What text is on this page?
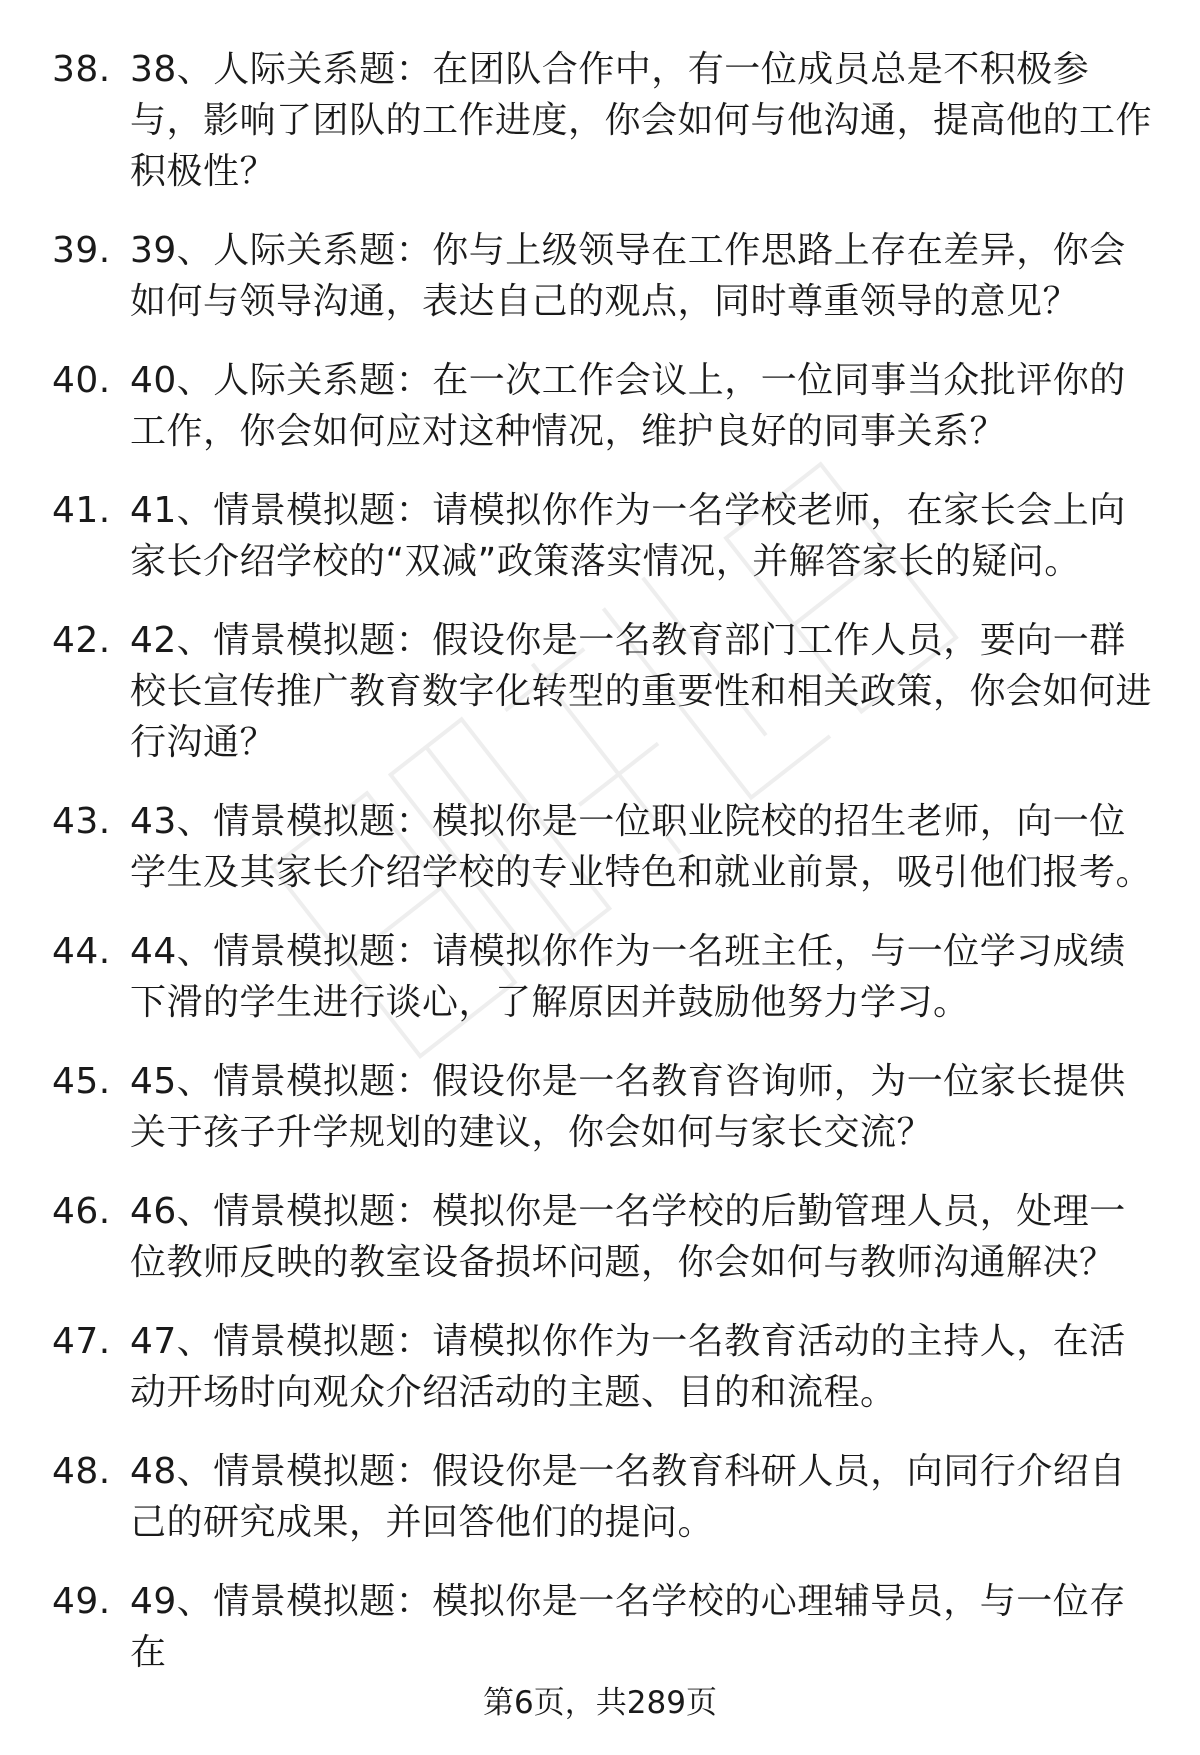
38. 38、人际关系题：在团队合作中，有一位成员总是不积极参与，影响了团队的工作进度，你会如何与他沟通，提高他的工作积极性？
39. 39、人际关系题：你与上级领导在工作思路上存在差异，你会如何与领导沟通，表达自己的观点，同时尊重领导的意见？
40. 40、人际关系题：在一次工作会议上，一位同事当众批评你的工作，你会如何应对这种情况，维护良好的同事关系？
41. 41、情景模拟题：请模拟你作为一名学校老师，在家长会上向家长介绍学校的“双减”政策落实情况，并解答家长的疑问。
42. 42、情景模拟题：假设你是一名教育部门工作人员，要向一群校长宣传推广教育数字化转型的重要性和相关政策，你会如何进行沟通？
43. 43、情景模拟题：模拟你是一位职业院校的招生老师，向一位学生及其家长介绍学校的专业特色和就业前景，吸引他们报考。
44. 44、情景模拟题：请模拟你作为一名班主任，与一位学习成绩下滑的学生进行谈心，了解原因并鼓励他努力学习。
45. 45、情景模拟题：假设你是一名教育咨询师，为一位家长提供关于孩子升学规划的建议，你会如何与家长交流？
46. 46、情景模拟题：模拟你是一名学校的后勤管理人员，处理一位教师反映的教室设备损坏问题，你会如何与教师沟通解决？
47. 47、情景模拟题：请模拟你作为一名教育活动的主持人，在活动开场时向观众介绍活动的主题、目的和流程。
48. 48、情景模拟题：假设你是一名教育科研人员，向同行介绍自己的研究成果，并回答他们的提问。
49. 49、情景模拟题：模拟你是一名学校的心理辅导员，与一位存在
第6页，共289页
